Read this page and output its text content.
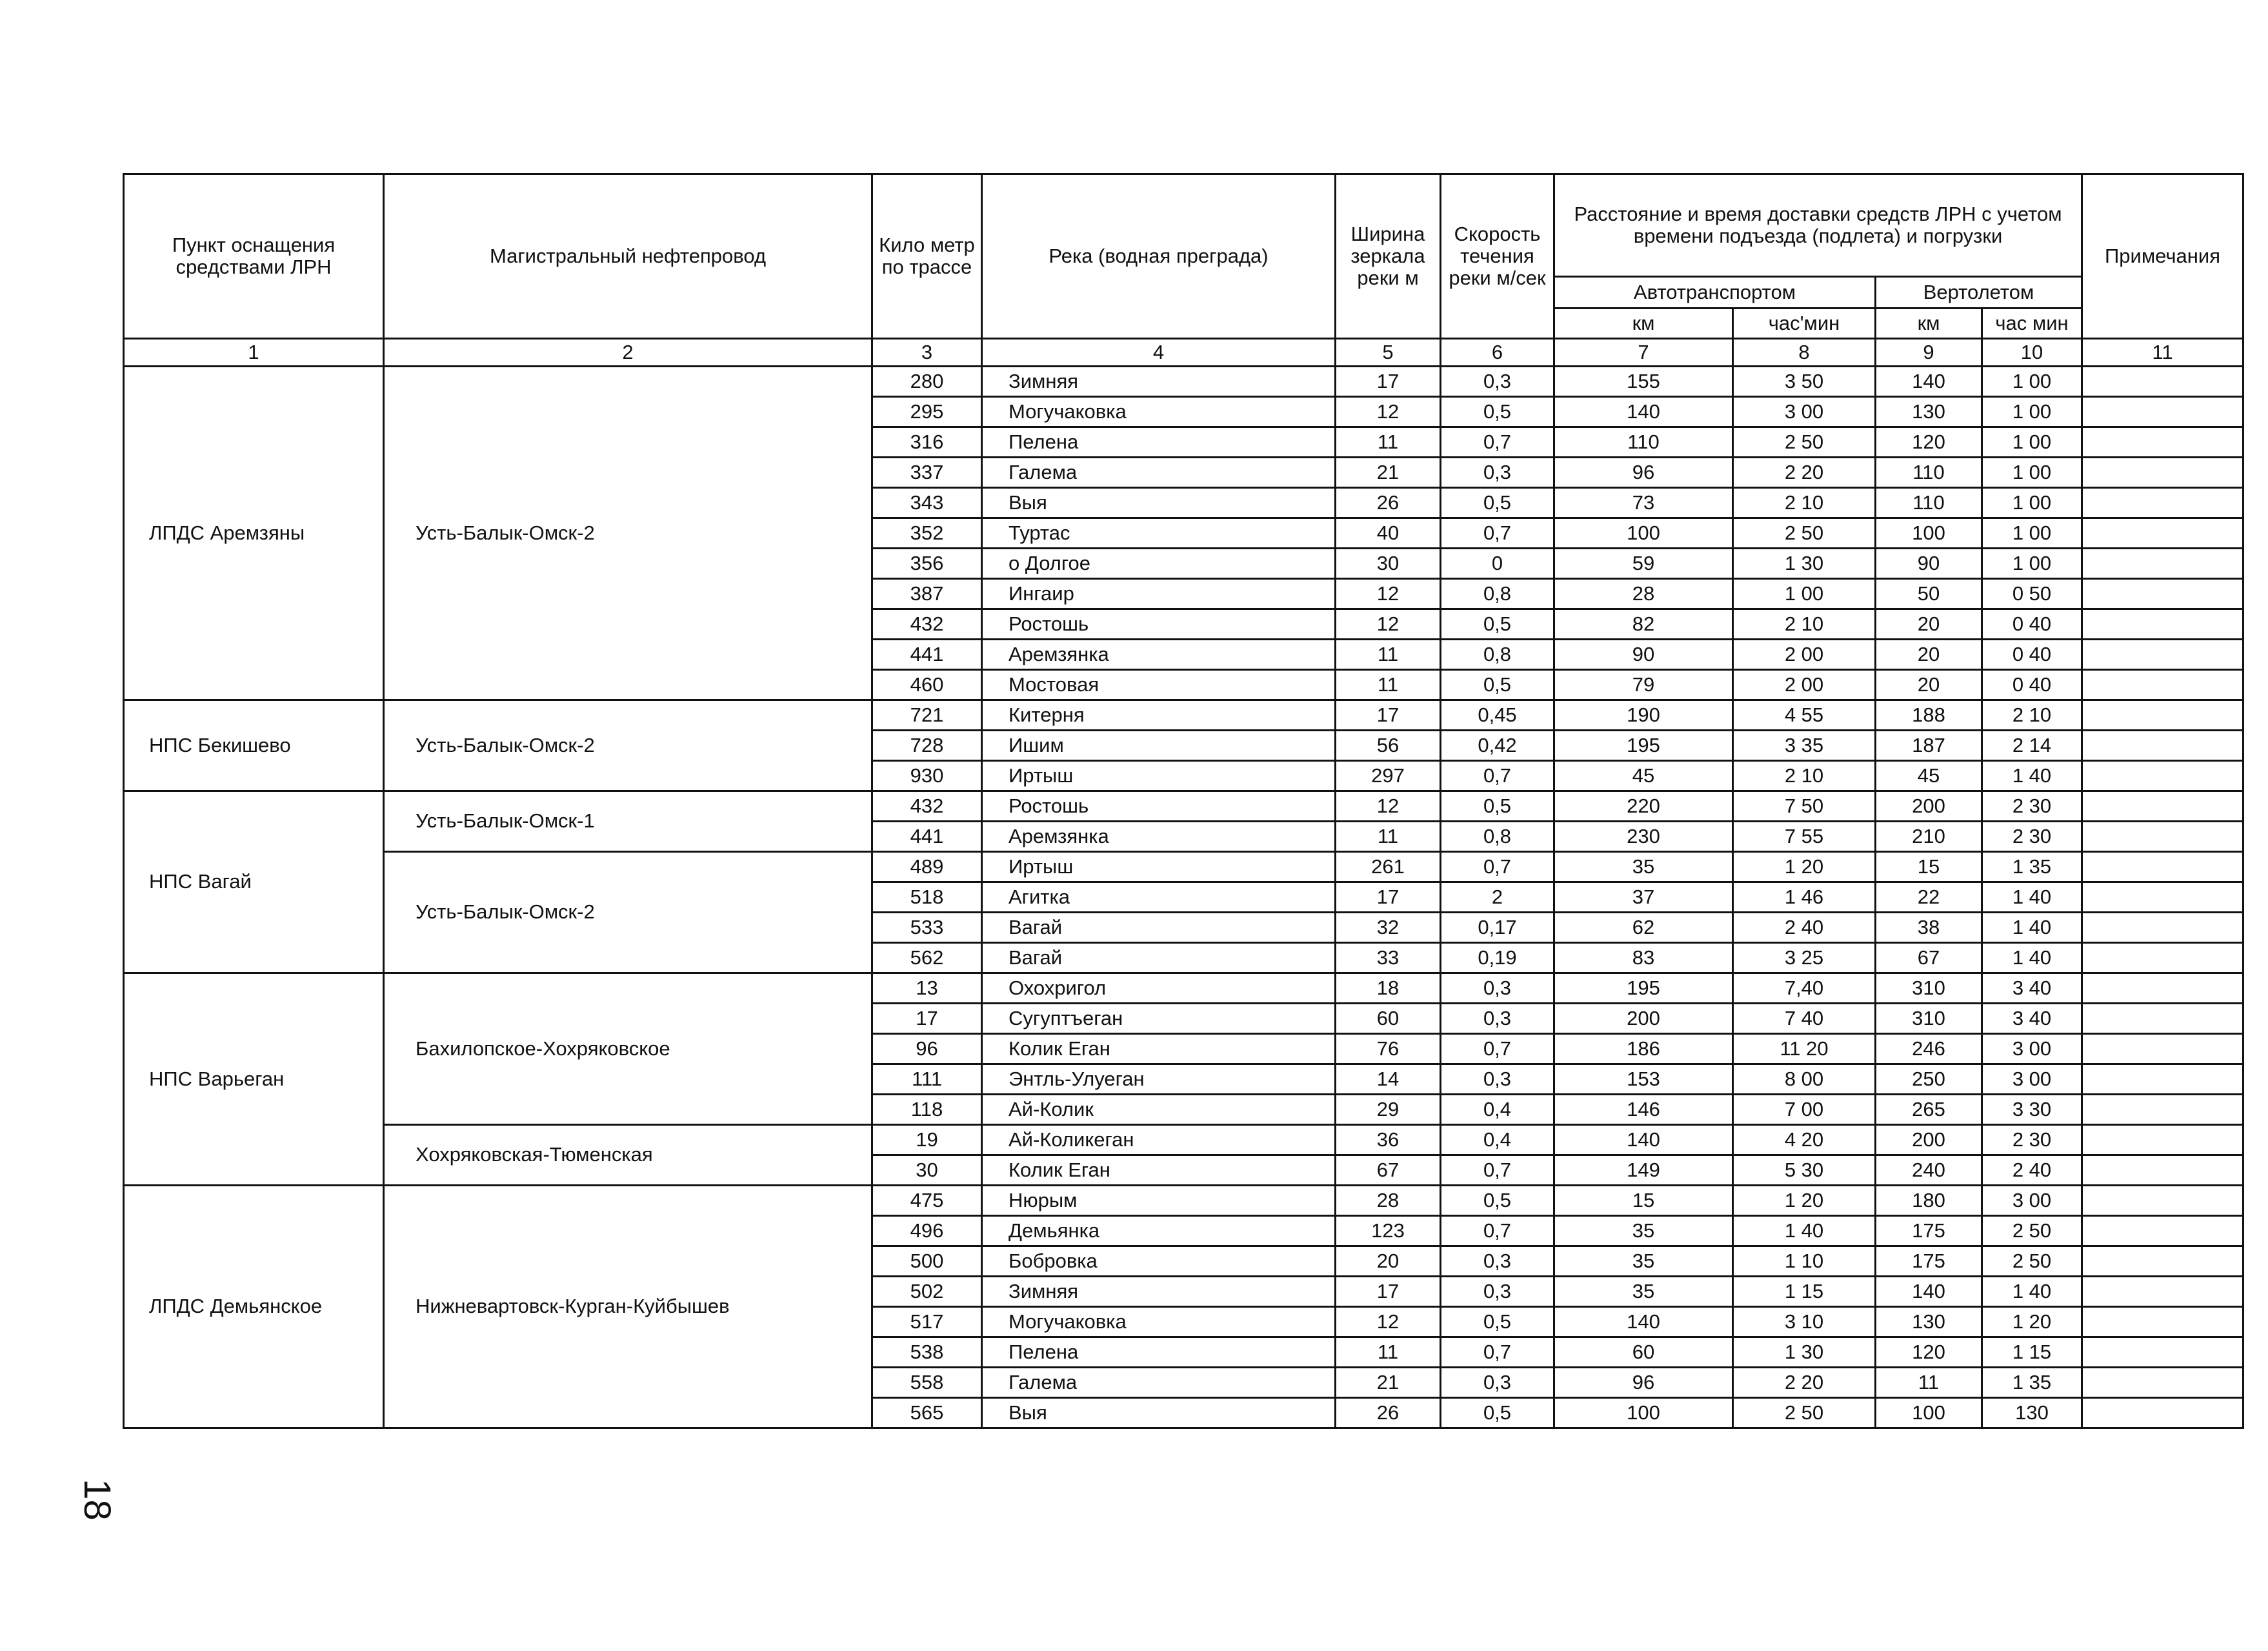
18
Пункт оснащения средствами ЛРН	Магистральный нефтепровод	Кило метр по трассе	Река (водная преграда)	Ширина зеркала реки м	Скорость течения реки м/сек	Расстояние и время доставки средств ЛРН с учетом времени подъезда (подлета) и погрузки				Примечания
						Автотранспортом		Вертолетом		
						км	час'мин	км	час мин	
1	2	3	4	5	6	7	8	9	10	11
ЛПДС Аремзяны	Усть-Балык-Омск-2	280	Зимняя	17	0,3	155	3 50	140	1 00	
		295	Могучаковка	12	0,5	140	3 00	130	1 00	
		316	Пелена	11	0,7	110	2 50	120	1 00	
		337	Галема	21	0,3	96	2 20	110	1 00	
		343	Выя	26	0,5	73	2 10	110	1 00	
		352	Туртас	40	0,7	100	2 50	100	1 00	
		356	о Долгое	30	0	59	1 30	90	1 00	
		387	Ингаир	12	0,8	28	1 00	50	0 50	
		432	Ростошь	12	0,5	82	2 10	20	0 40	
		441	Аремзянка	11	0,8	90	2 00	20	0 40	
		460	Мостовая	11	0,5	79	2 00	20	0 40	
НПС Бекишево	Усть-Балык-Омск-2	721	Китерня	17	0,45	190	4 55	188	2 10	
		728	Ишим	56	0,42	195	3 35	187	2 14	
		930	Иртыш	297	0,7	45	2 10	45	1 40	
НПС Вагай	Усть-Балык-Омск-1	432	Ростошь	12	0,5	220	7 50	200	2 30	
		441	Аремзянка	11	0,8	230	7 55	210	2 30	
	Усть-Балык-Омск-2	489	Иртыш	261	0,7	35	1 20	15	1 35	
		518	Агитка	17	2	37	1 46	22	1 40	
		533	Вагай	32	0,17	62	2 40	38	1 40	
		562	Вагай	33	0,19	83	3 25	67	1 40	
НПС Варьеган	Бахилопское-Хохряковское	13	Охохригол	18	0,3	195	7,40	310	3 40	
		17	Сугуптъеган	60	0,3	200	7 40	310	3 40	
		96	Колик Еган	76	0,7	186	11 20	246	3 00	
		111	Энтль-Улуеган	14	0,3	153	8 00	250	3 00	
		118	Ай-Колик	29	0,4	146	7 00	265	3 30	
	Хохряковская-Тюменская	19	Ай-Коликеган	36	0,4	140	4 20	200	2 30	
		30	Колик Еган	67	0,7	149	5 30	240	2 40	
ЛПДС Демьянское	Нижневартовск-Курган-Куйбышев	475	Нюрым	28	0,5	15	1 20	180	3 00	
		496	Демьянка	123	0,7	35	1 40	175	2 50	
		500	Бобровка	20	0,3	35	1 10	175	2 50	
		502	Зимняя	17	0,3	35	1 15	140	1 40	
		517	Могучаковка	12	0,5	140	3 10	130	1 20	
		538	Пелена	11	0,7	60	1 30	120	1 15	
		558	Галема	21	0,3	96	2 20	11	1 35	
		565	Выя	26	0,5	100	2 50	100	130	
